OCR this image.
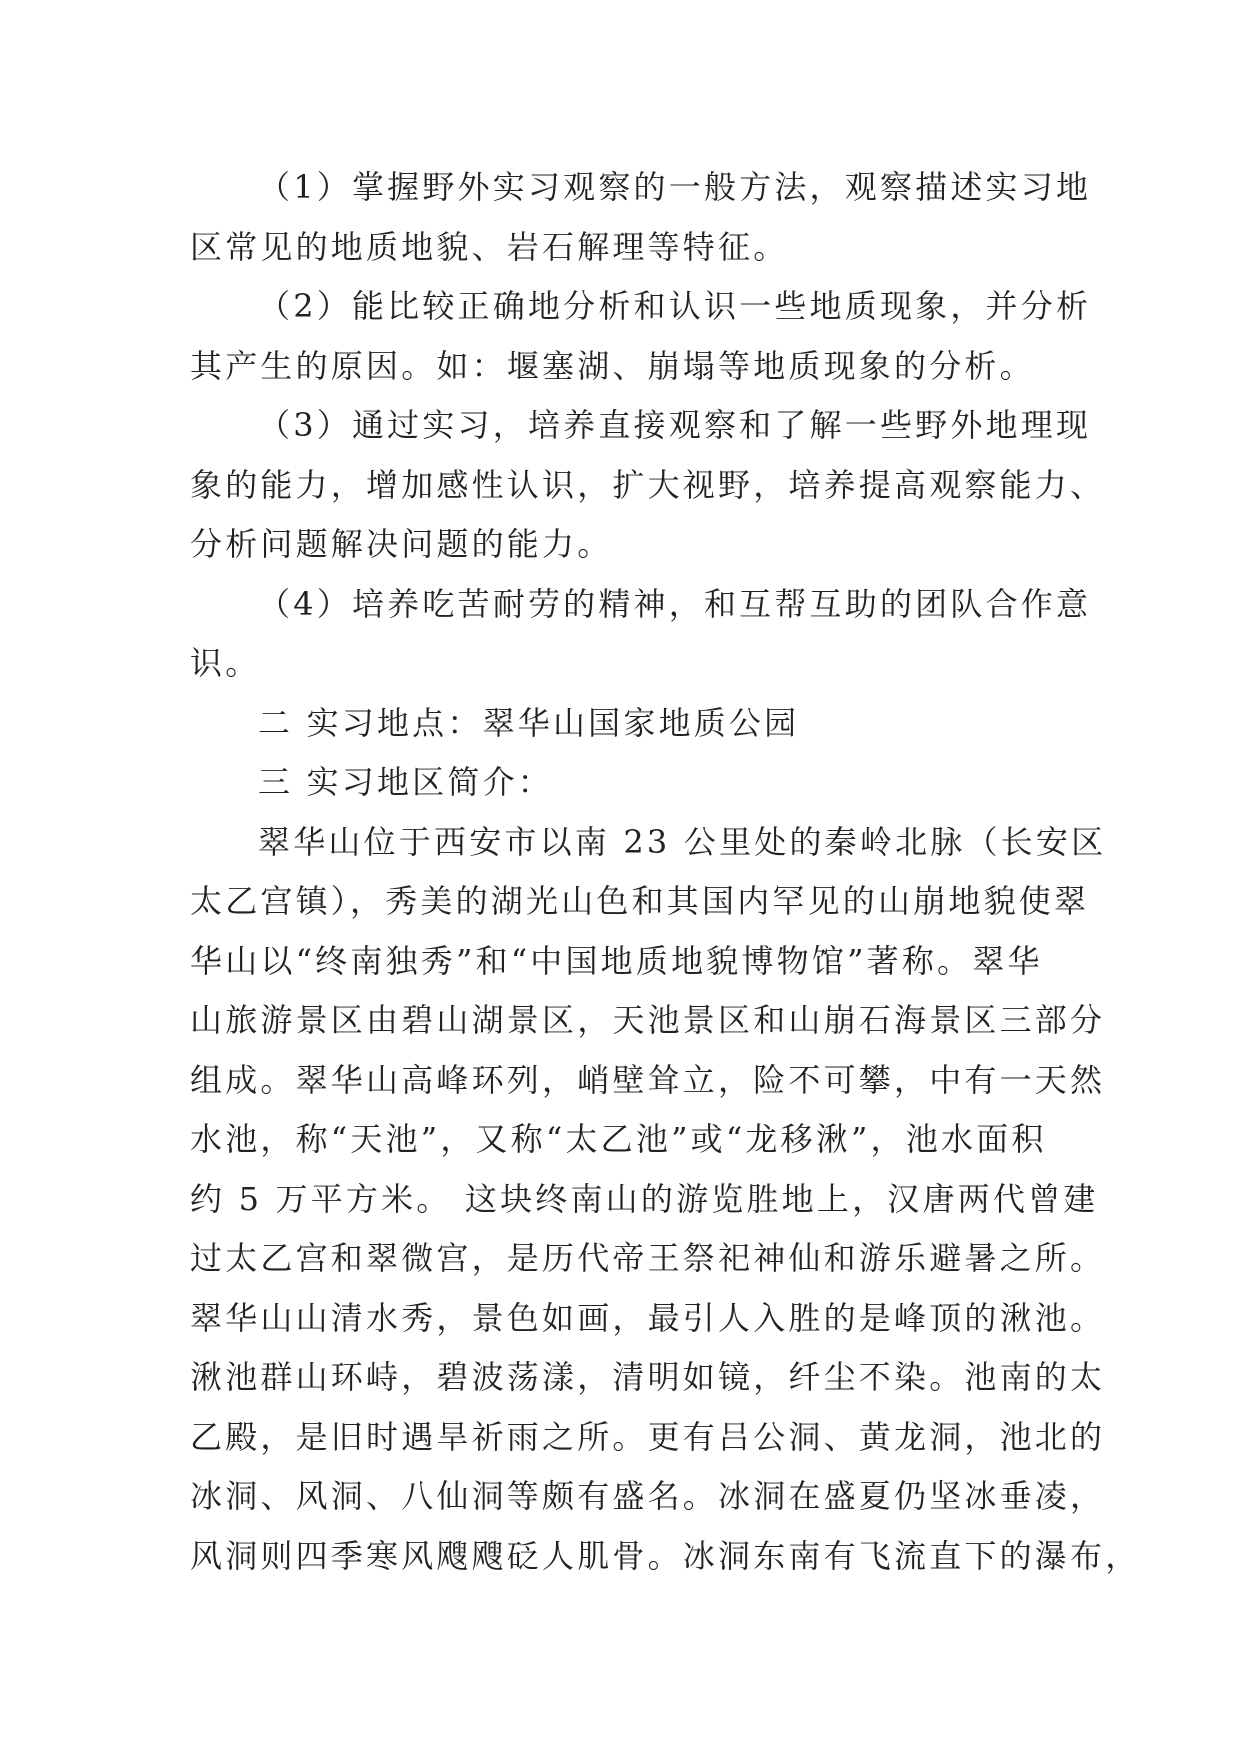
（1）掌握野外实习观察的一般方法，观察描述实习地
区常见的地质地貌、岩石解理等特征。
（2）能比较正确地分析和认识一些地质现象，并分析
其产生的原因。如：堰塞湖、崩塌等地质现象的分析。
（3）通过实习，培养直接观察和了解一些野外地理现
象的能力，增加感性认识，扩大视野，培养提高观察能力、
分析问题解决问题的能力。
（4）培养吃苦耐劳的精神，和互帮互助的团队合作意
识。
二 实习地点：翠华山国家地质公园
三 实习地区简介：
翠华山位于西安市以南 23 公里处的秦岭北脉（长安区
太乙宫镇），秀美的湖光山色和其国内罕见的山崩地貌使翠
华山以“终南独秀”和“中国地质地貌博物馆”著称。翠华
山旅游景区由碧山湖景区，天池景区和山崩石海景区三部分
组成。翠华山高峰环列，峭壁耸立，险不可攀，中有一天然
水池，称“天池”，又称“太乙池”或“龙移湫”，池水面积
约 5 万平方米。 这块终南山的游览胜地上，汉唐两代曾建
过太乙宫和翠微宫，是历代帝王祭祀神仙和游乐避暑之所。
翠华山山清水秀，景色如画，最引人入胜的是峰顶的湫池。
湫池群山环峙，碧波荡漾，清明如镜，纤尘不染。池南的太
乙殿，是旧时遇旱祈雨之所。更有吕公洞、黄龙洞，池北的
冰洞、风洞、八仙洞等颇有盛名。冰洞在盛夏仍坚冰垂凌，
风洞则四季寒风飕飕砭人肌骨。冰洞东南有飞流直下的瀑布，
